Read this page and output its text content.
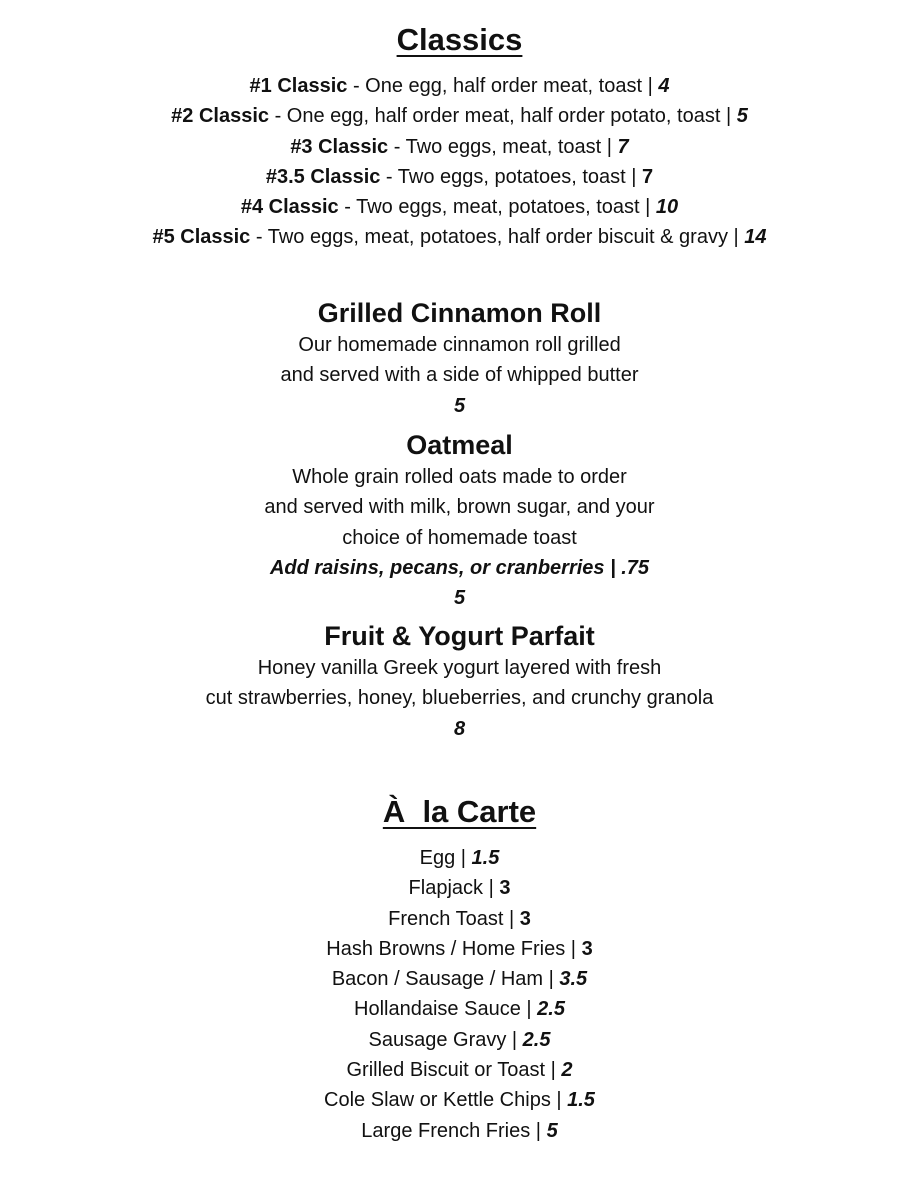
Classics

#1 Classic - One egg, half order meat, toast | 4

#2 Classic - One egg, half order meat, half order potato, toast | 5

#3 Classic - Two eggs, meat, toast | 7

#3.5 Classic - Two eggs, potatoes, toast | 7

#4 Classic - Two eggs, meat, potatoes, toast | 10

#5 Classic - Two eggs, meat, potatoes, half order biscuit & gravy | 14

Grilled Cinnamon Roll

Our homemade cinnamon roll grilled

and served with a side of whipped butter

5

Oatmeal

Whole grain rolled oats made to order

and served with milk, brown sugar, and your

choice of homemade toast

Add raisins, pecans, or cranberries | .75

5

Fruit & Yogurt Parfait

Honey vanilla Greek yogurt layered with fresh

cut strawberries, honey, blueberries, and crunchy granola

8

À  la Carte

Egg | 1.5

Flapjack | 3

French Toast | 3

Hash Browns / Home Fries | 3

Bacon / Sausage / Ham | 3.5

Hollandaise Sauce | 2.5

Sausage Gravy | 2.5

Grilled Biscuit or Toast | 2

Cole Slaw or Kettle Chips | 1.5

Large French Fries | 5
